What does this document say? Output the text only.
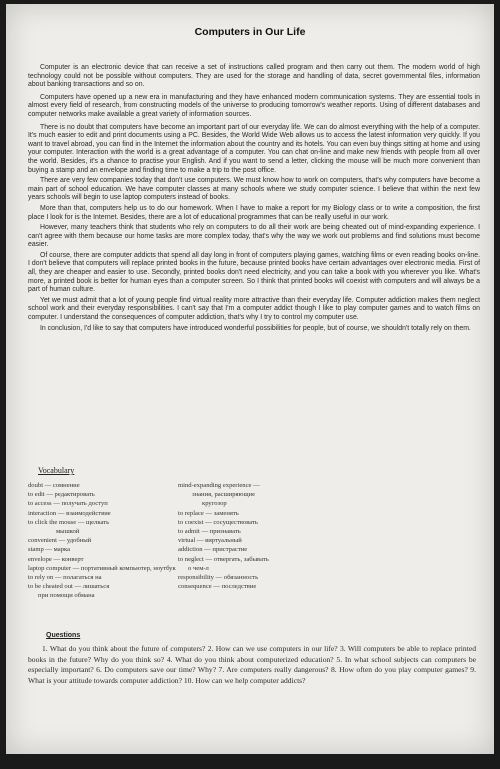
Computers in Our Life

Computer is an electronic device that can receive a set of instructions called program and then carry out them. The modern world of high technology could not be possible without computers. They are used for the storage and handling of data, secret governmental files, information about banking transactions and so on.

Computers have opened up a new era in manufacturing and they have enhanced modern communication systems. They are essential tools in almost every field of research, from constructing models of the universe to producing tomorrow's weather reports. Using of different databases and computer networks make available a great variety of information sources.

There is no doubt that computers have become an important part of our everyday life. We can do almost everything with the help of a computer. It's much easier to edit and print documents using a PC. Besides, the World Wide Web allows us to access the latest information very quickly. If you want to travel abroad, you can find in the Internet the information about the country and its hotels. You can even buy things sitting at home and using your computer. Interaction with the world is a great advantage of a computer. You can chat on-line and make new friends with people from all over the world. Besides, it's a chance to practise your English. And if you want to send a letter, clicking the mouse will be much more convenient than buying a stamp and an envelope and finding time to make a trip to the post office.

There are very few companies today that don't use computers. We must know how to work on computers, that's why computers have become a main part of school education. We have computer classes at many schools where we study computer science. I believe that within the next few years schools will begin to use laptop computers instead of books.

More than that, computers help us to do our homework. When I have to make a report for my Biology class or to write a composition, the first place I look for is the Internet. Besides, there are a lot of educational programmes that can be really useful in our work.

However, many teachers think that students who rely on computers to do all their work are being cheated out of mind-expanding experience. I can't agree with them because our home tasks are more complex today, that's why the way we work out problems and find solutions must become easier.

Of course, there are computer addicts that spend all day long in front of computers playing games, watching films or even reading books on-line. I don't believe that computers will replace printed books in the future, because printed books have certain advantages over electronic media. First of all, they are cheaper and easier to use. Secondly, printed books don't need electricity, and you can take a book with you wherever you like. What's more, a printed book is better for human eyes than a computer screen. So I think that printed books will coexist with computers and will always be a part of human culture.

Yet we must admit that a lot of young people find virtual reality more attractive than their everyday life. Computer addiction makes them neglect school work and their everyday responsibilities. I can't say that I'm a computer addict though I like to play computer games and to watch films on computer. I understand the consequences of computer addiction, that's why I try to control my computer use.

In conclusion, I'd like to say that computers have introduced wonderful possibilities for people, but of course, we shouldn't totally rely on them.

Vocabulary
doubt — сомнение
to edit — редактировать
to access — получать доступ
interaction — взаимодействие
to click the mouse — щелкать
мышкой
convenient — удобный
stamp — марка
envelope — конверт
laptop computer — портативный компьютер, ноутбук
to rely on — полагаться на
to be cheated out — лишаться
при помощи обмана
mind-expanding experience —
знания, расширяющие
кругозор
to replace — заменять
to coexist — сосуществовать
to admit — признавать
virtual — виртуальный
addiction — пристрастие
to neglect — отвергать, забывать
о чем-л
responsibility — обязанность
consequence — последствие
Questions
1. What do you think about the future of computers? 2. How can we use computers in our life? 3. Will computers be able to replace printed books in the future? Why do you think so? 4. What do you think about computerized education? 5. In what school subjects can computers be especially important? 6. Do computers save our time? Why? 7. Are computers really dangerous? 8. How often do you play computer games? 9. What is your attitude towards computer addiction? 10. How can we help computer addicts?
